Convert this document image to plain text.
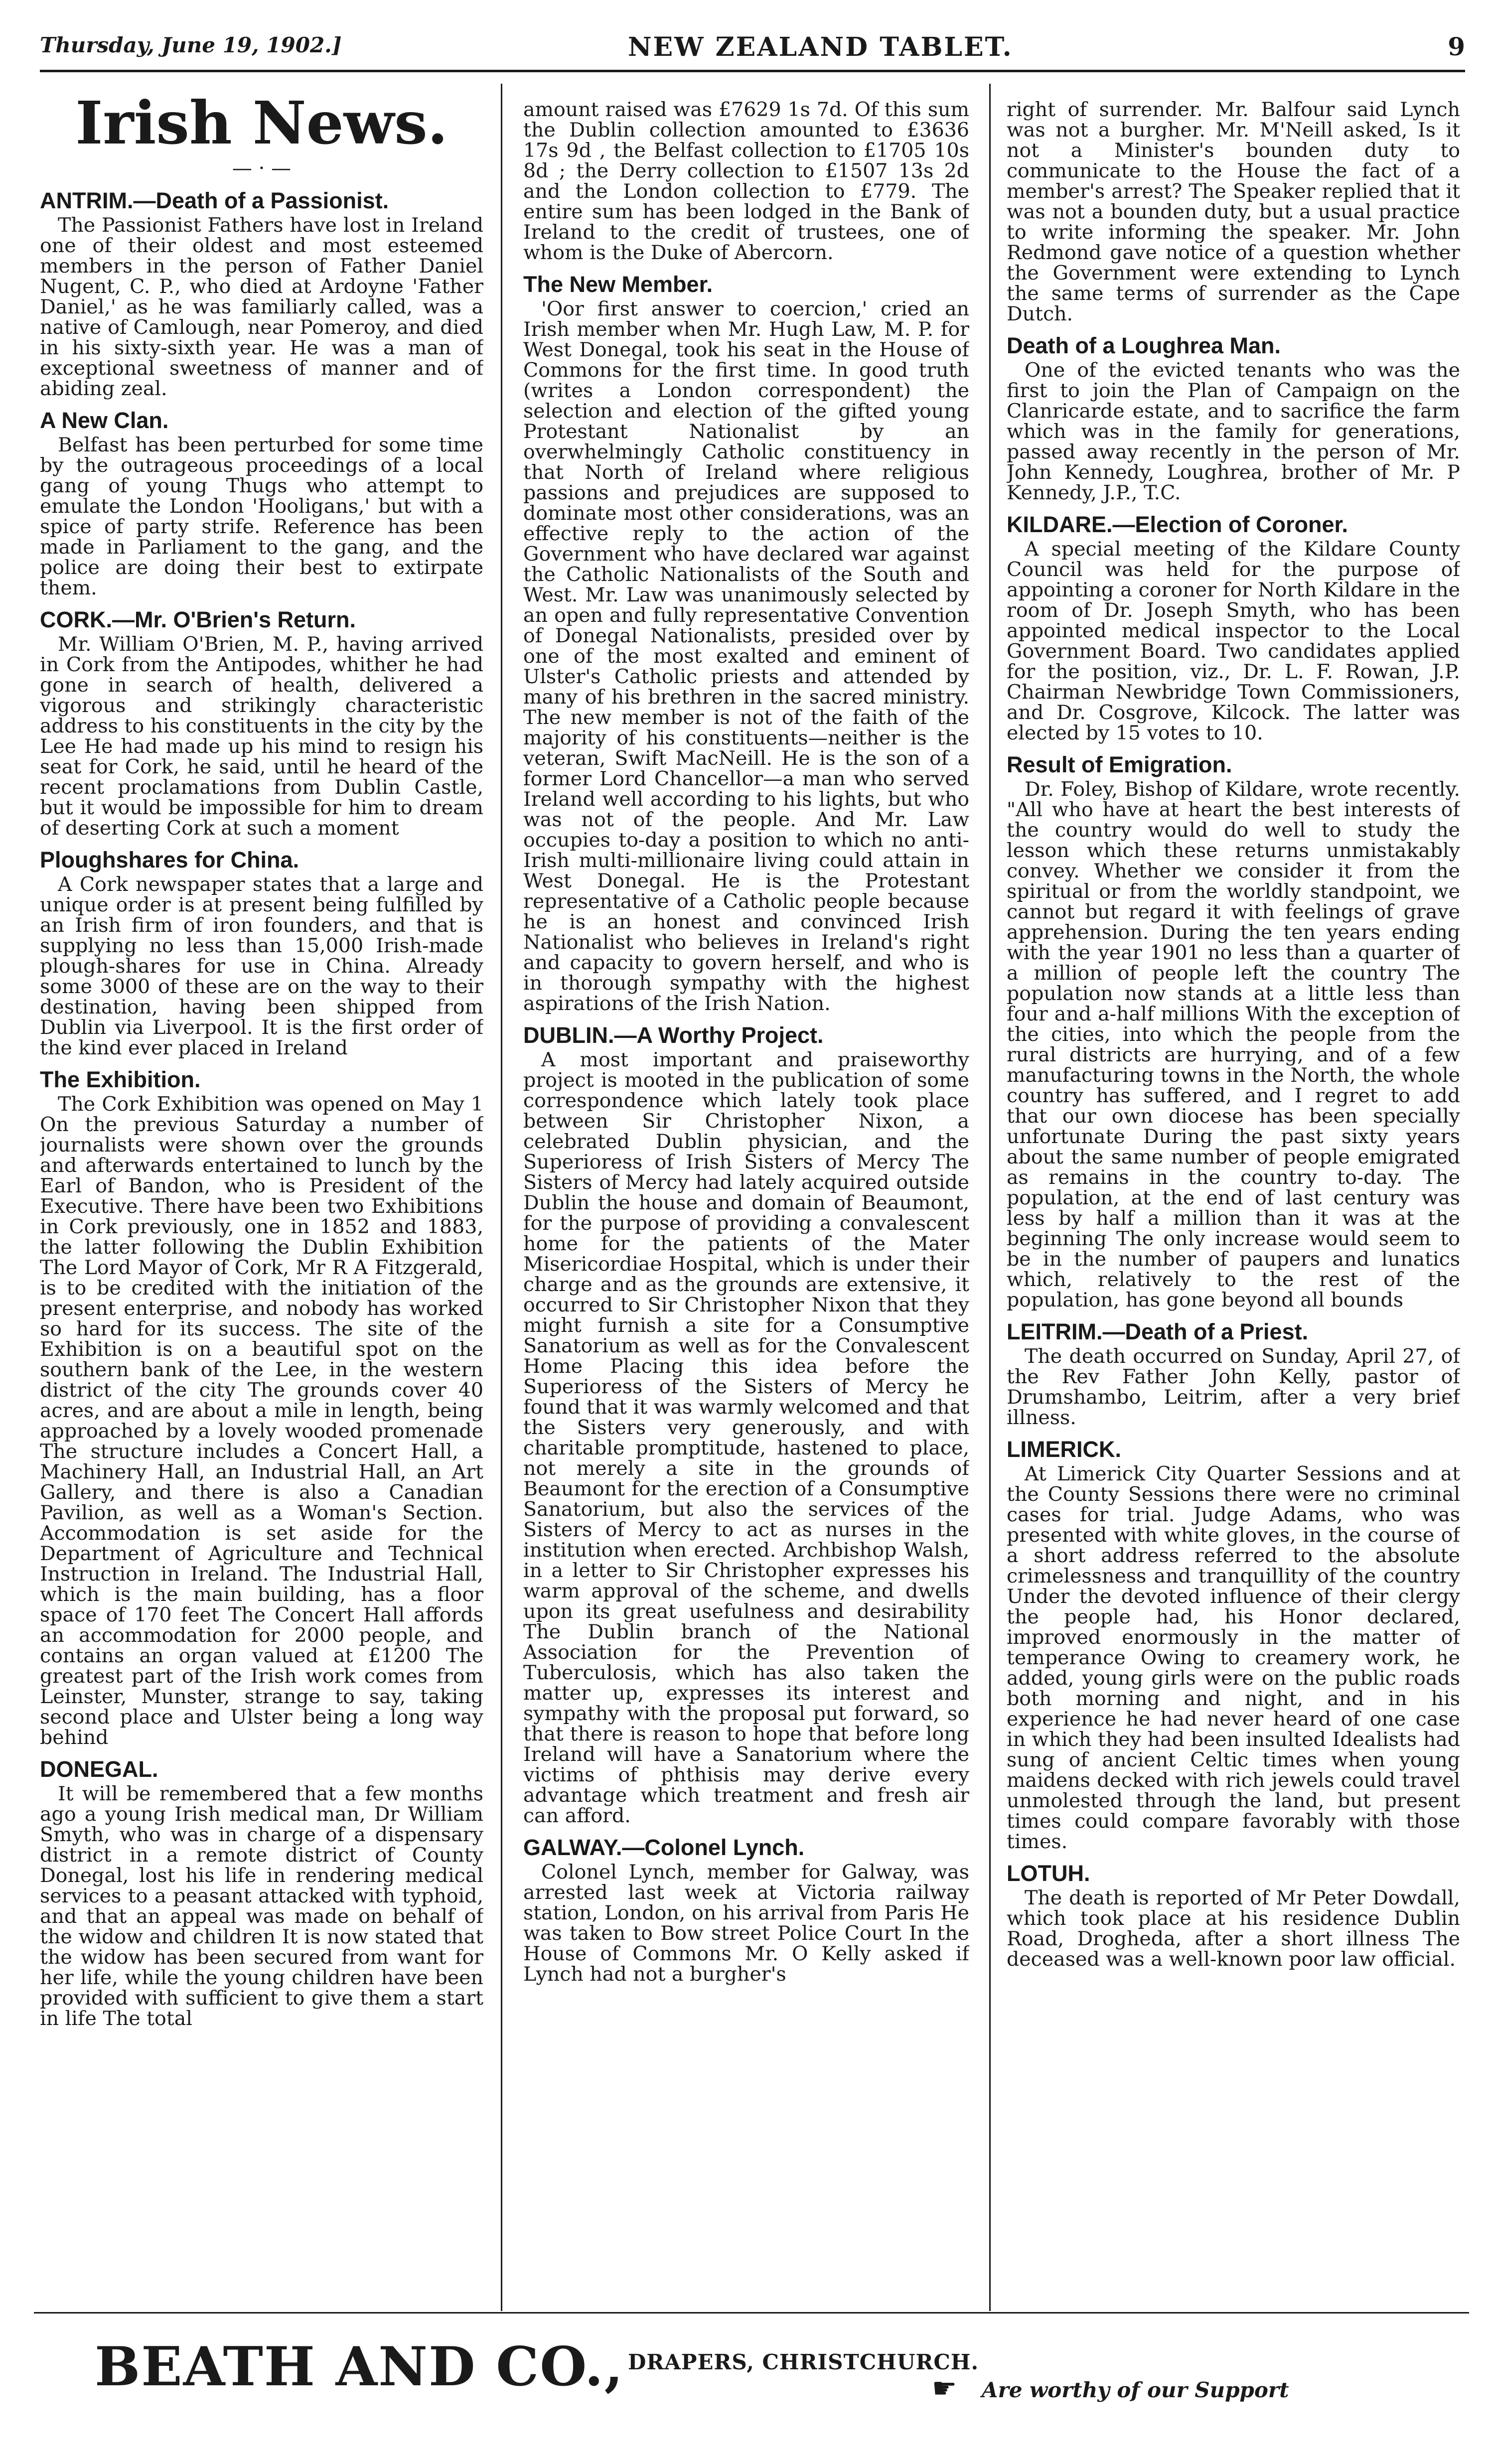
Thursday, June 19, 1902.]	NEW ZEALAND TABLET.	9
Irish News.
— · —
ANTRIM.—Death of a Passionist.

The Passionist Fathers have lost in Ireland one of their oldest and most esteemed members in the person of Father Daniel Nugent, C. P., who died at Ardoyne 'Father Daniel,' as he was familiarly called, was a native of Camlough, near Pomeroy, and died in his sixty-sixth year. He was a man of exceptional sweetness of manner and of abiding zeal.

A New Clan.

Belfast has been perturbed for some time by the outrageous proceedings of a local gang of young Thugs who attempt to emulate the London 'Hooligans,' but with a spice of party strife. Reference has been made in Parliament to the gang, and the police are doing their best to extirpate them.

CORK.—Mr. O'Brien's Return.

Mr. William O'Brien, M. P., having arrived in Cork from the Antipodes, whither he had gone in search of health, delivered a vigorous and strikingly characteristic address to his constituents in the city by the Lee He had made up his mind to resign his seat for Cork, he said, until he heard of the recent proclamations from Dublin Castle, but it would be impossible for him to dream of deserting Cork at such a moment

Ploughshares for China.

A Cork newspaper states that a large and unique order is at present being fulfilled by an Irish firm of iron founders, and that is supplying no less than 15,000 Irish-made plough-shares for use in China. Already some 3000 of these are on the way to their destination, having been shipped from Dublin via Liverpool. It is the first order of the kind ever placed in Ireland

The Exhibition.

The Cork Exhibition was opened on May 1 On the previous Saturday a number of journalists were shown over the grounds and afterwards entertained to lunch by the Earl of Bandon, who is President of the Executive. There have been two Exhibitions in Cork previously, one in 1852 and 1883, the latter following the Dublin Exhibition The Lord Mayor of Cork, Mr R A Fitzgerald, is to be credited with the initiation of the present enterprise, and nobody has worked so hard for its success. The site of the Exhibition is on a beautiful spot on the southern bank of the Lee, in the western district of the city The grounds cover 40 acres, and are about a mile in length, being approached by a lovely wooded promenade The structure includes a Concert Hall, a Machinery Hall, an Industrial Hall, an Art Gallery, and there is also a Canadian Pavilion, as well as a Woman's Section. Accommodation is set aside for the Department of Agriculture and Technical Instruction in Ireland. The Industrial Hall, which is the main building, has a floor space of 170 feet The Concert Hall affords an accommodation for 2000 people, and contains an organ valued at £1200 The greatest part of the Irish work comes from Leinster, Munster, strange to say, taking second place and Ulster being a long way behind

DONEGAL.

It will be remembered that a few months ago a young Irish medical man, Dr William Smyth, who was in charge of a dispensary district in a remote district of County Donegal, lost his life in rendering medical services to a peasant attacked with typhoid, and that an appeal was made on behalf of the widow and children It is now stated that the widow has been secured from want for her life, while the young children have been provided with sufficient to give them a start in life The total

amount raised was £7629 1s 7d. Of this sum the Dublin collection amounted to £3636 17s 9d , the Belfast collection to £1705 10s 8d ; the Derry collection to £1507 13s 2d and the London collection to £779. The entire sum has been lodged in the Bank of Ireland to the credit of trustees, one of whom is the Duke of Abercorn.

The New Member.

'Oor first answer to coercion,' cried an Irish member when Mr. Hugh Law, M. P. for West Donegal, took his seat in the House of Commons for the first time. In good truth (writes a London correspondent) the selection and election of the gifted young Protestant Nationalist by an overwhelmingly Catholic constituency in that North of Ireland where religious passions and prejudices are supposed to dominate most other considerations, was an effective reply to the action of the Government who have declared war against the Catholic Nationalists of the South and West. Mr. Law was unanimously selected by an open and fully representative Convention of Donegal Nationalists, presided over by one of the most exalted and eminent of Ulster's Catholic priests and attended by many of his brethren in the sacred ministry. The new member is not of the faith of the majority of his constituents—neither is the veteran, Swift MacNeill. He is the son of a former Lord Chancellor—a man who served Ireland well according to his lights, but who was not of the people. And Mr. Law occupies to-day a position to which no anti-Irish multi-millionaire living could attain in West Donegal. He is the Protestant representative of a Catholic people because he is an honest and convinced Irish Nationalist who believes in Ireland's right and capacity to govern herself, and who is in thorough sympathy with the highest aspirations of the Irish Nation.

DUBLIN.—A Worthy Project.

A most important and praiseworthy project is mooted in the publication of some correspondence which lately took place between Sir Christopher Nixon, a celebrated Dublin physician, and the Superioress of Irish Sisters of Mercy The Sisters of Mercy had lately acquired outside Dublin the house and domain of Beaumont, for the purpose of providing a convalescent home for the patients of the Mater Misericordiae Hospital, which is under their charge and as the grounds are extensive, it occurred to Sir Christopher Nixon that they might furnish a site for a Consumptive Sanatorium as well as for the Convalescent Home Placing this idea before the Superioress of the Sisters of Mercy he found that it was warmly welcomed and that the Sisters very generously, and with charitable promptitude, hastened to place, not merely a site in the grounds of Beaumont for the erection of a Consumptive Sanatorium, but also the services of the Sisters of Mercy to act as nurses in the institution when erected. Archbishop Walsh, in a letter to Sir Christopher expresses his warm approval of the scheme, and dwells upon its great usefulness and desirability The Dublin branch of the National Association for the Prevention of Tuberculosis, which has also taken the matter up, expresses its interest and sympathy with the proposal put forward, so that there is reason to hope that before long Ireland will have a Sanatorium where the victims of phthisis may derive every advantage which treatment and fresh air can afford.

GALWAY.—Colonel Lynch.

Colonel Lynch, member for Galway, was arrested last week at Victoria railway station, London, on his arrival from Paris He was taken to Bow street Police Court In the House of Commons Mr. O Kelly asked if Lynch had not a burgher's

right of surrender. Mr. Balfour said Lynch was not a burgher. Mr. M'Neill asked, Is it not a Minister's bounden duty to communicate to the House the fact of a member's arrest? The Speaker replied that it was not a bounden duty, but a usual practice to write informing the speaker. Mr. John Redmond gave notice of a question whether the Government were extending to Lynch the same terms of surrender as the Cape Dutch.

Death of a Loughrea Man.

One of the evicted tenants who was the first to join the Plan of Campaign on the Clanricarde estate, and to sacrifice the farm which was in the family for generations, passed away recently in the person of Mr. John Kennedy, Loughrea, brother of Mr. P Kennedy, J.P., T.C.

KILDARE.—Election of Coroner.

A special meeting of the Kildare County Council was held for the purpose of appointing a coroner for North Kildare in the room of Dr. Joseph Smyth, who has been appointed medical inspector to the Local Government Board. Two candidates applied for the position, viz., Dr. L. F. Rowan, J.P. Chairman Newbridge Town Commissioners, and Dr. Cosgrove, Kilcock. The latter was elected by 15 votes to 10.

Result of Emigration.

Dr. Foley, Bishop of Kildare, wrote recently. "All who have at heart the best interests of the country would do well to study the lesson which these returns unmistakably convey. Whether we consider it from the spiritual or from the worldly standpoint, we cannot but regard it with feelings of grave apprehension. During the ten years ending with the year 1901 no less than a quarter of a million of people left the country The population now stands at a little less than four and a-half millions With the exception of the cities, into which the people from the rural districts are hurrying, and of a few manufacturing towns in the North, the whole country has suffered, and I regret to add that our own diocese has been specially unfortunate During the past sixty years about the same number of people emigrated as remains in the country to-day. The population, at the end of last century was less by half a million than it was at the beginning The only increase would seem to be in the number of paupers and lunatics which, relatively to the rest of the population, has gone beyond all bounds

LEITRIM.—Death of a Priest.

The death occurred on Sunday, April 27, of the Rev Father John Kelly, pastor of Drumshambo, Leitrim, after a very brief illness.

LIMERICK.

At Limerick City Quarter Sessions and at the County Sessions there were no criminal cases for trial. Judge Adams, who was presented with white gloves, in the course of a short address referred to the absolute crimelessness and tranquillity of the country Under the devoted influence of their clergy the people had, his Honor declared, improved enormously in the matter of temperance Owing to creamery work, he added, young girls were on the public roads both morning and night, and in his experience he had never heard of one case in which they had been insulted Idealists had sung of ancient Celtic times when young maidens decked with rich jewels could travel unmolested through the land, but present times could compare favorably with those times.

LOTUH.

The death is reported of Mr Peter Dowdall, which took place at his residence Dublin Road, Drogheda, after a short illness The deceased was a well-known poor law official.

BEATH AND CO., DRAPERS, CHRISTCHURCH.
☛ Are worthy of our Support
